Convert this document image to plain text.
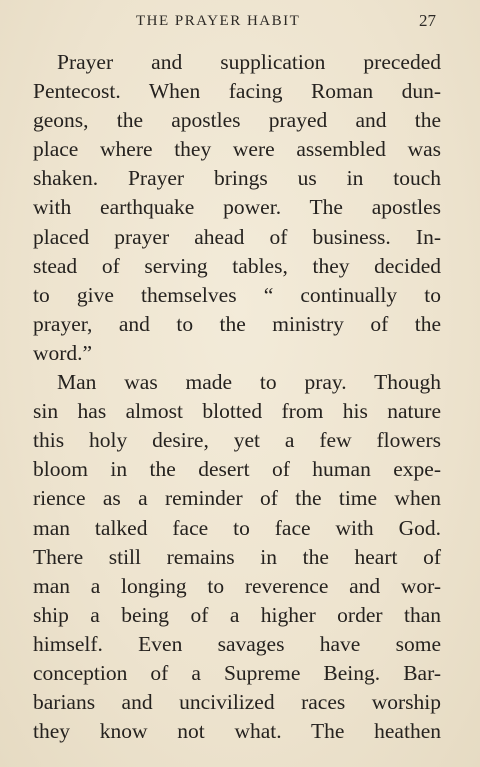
THE PRAYER HABIT	27
Prayer and supplication preceded
Pentecost. When facing Roman dun-
geons, the apostles prayed and the
place where they were assembled was
shaken. Prayer brings us in touch
with earthquake power. The apostles
placed prayer ahead of business. In-
stead of serving tables, they decided
to give themselves “ continually to
prayer, and to the ministry of the
word.”
Man was made to pray. Though
sin has almost blotted from his nature
this holy desire, yet a few flowers
bloom in the desert of human expe-
rience as a reminder of the time when
man talked face to face with God.
There still remains in the heart of
man a longing to reverence and wor-
ship a being of a higher order than
himself. Even savages have some
conception of a Supreme Being. Bar-
barians and uncivilized races worship
they know not what. The heathen
